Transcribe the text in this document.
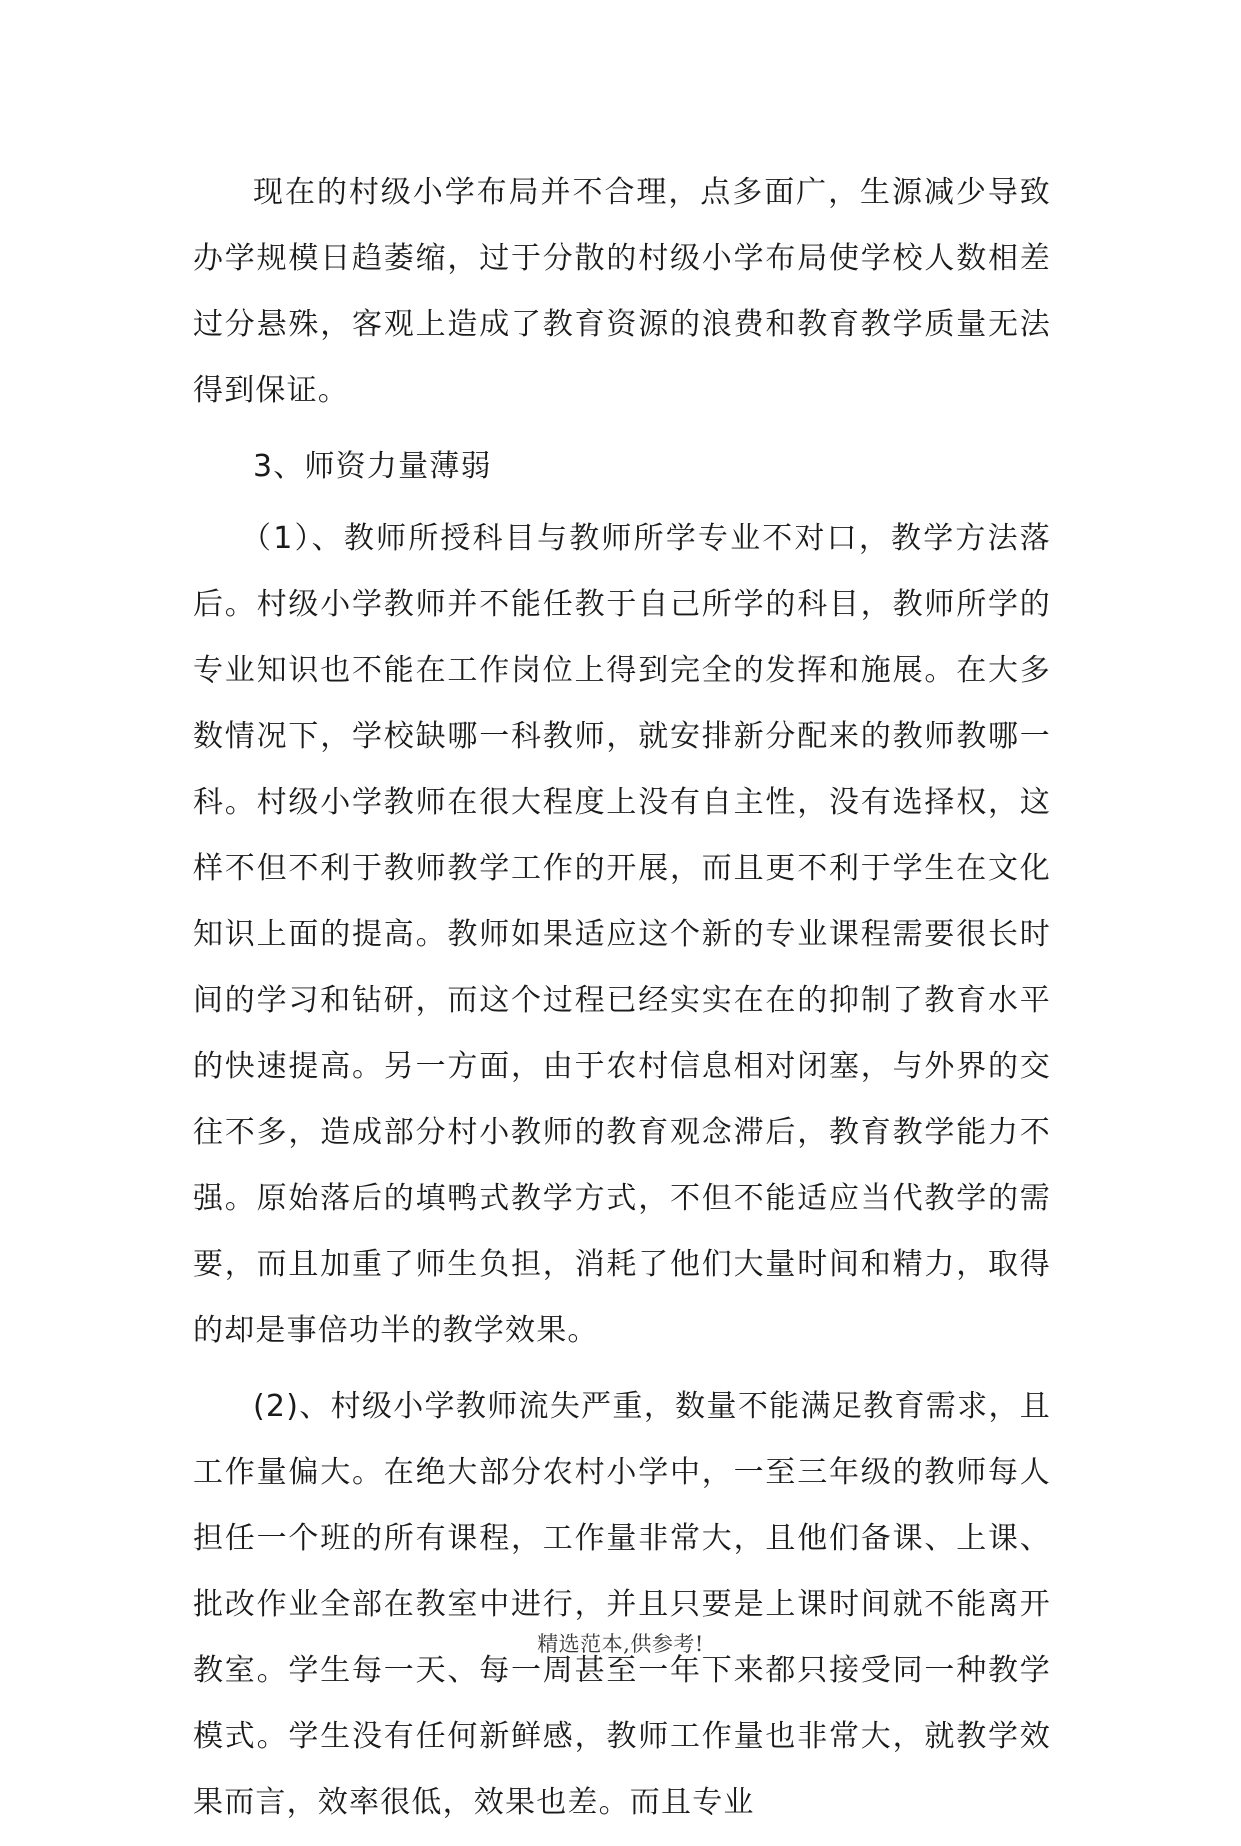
现在的村级小学布局并不合理，点多面广，生源减少导致办学规模日趋萎缩，过于分散的村级小学布局使学校人数相差过分悬殊，客观上造成了教育资源的浪费和教育教学质量无法得到保证。

3、师资力量薄弱

（1）、教师所授科目与教师所学专业不对口，教学方法落后。村级小学教师并不能任教于自己所学的科目，教师所学的专业知识也不能在工作岗位上得到完全的发挥和施展。在大多数情况下，学校缺哪一科教师，就安排新分配来的教师教哪一科。村级小学教师在很大程度上没有自主性，没有选择权，这样不但不利于教师教学工作的开展，而且更不利于学生在文化知识上面的提高。教师如果适应这个新的专业课程需要很长时间的学习和钻研，而这个过程已经实实在在的抑制了教育水平的快速提高。另一方面，由于农村信息相对闭塞，与外界的交往不多，造成部分村小教师的教育观念滞后，教育教学能力不强。原始落后的填鸭式教学方式，不但不能适应当代教学的需要，而且加重了师生负担，消耗了他们大量时间和精力，取得的却是事倍功半的教学效果。

(2)、村级小学教师流失严重，数量不能满足教育需求，且工作量偏大。在绝大部分农村小学中，一至三年级的教师每人担任一个班的所有课程，工作量非常大，且他们备课、上课、批改作业全部在教室中进行，并且只要是上课时间就不能离开教室。学生每一天、每一周甚至一年下来都只接受同一种教学模式。学生没有任何新鲜感，教师工作量也非常大，就教学效果而言，效率很低，效果也差。而且专业

精选范本,供参考!
